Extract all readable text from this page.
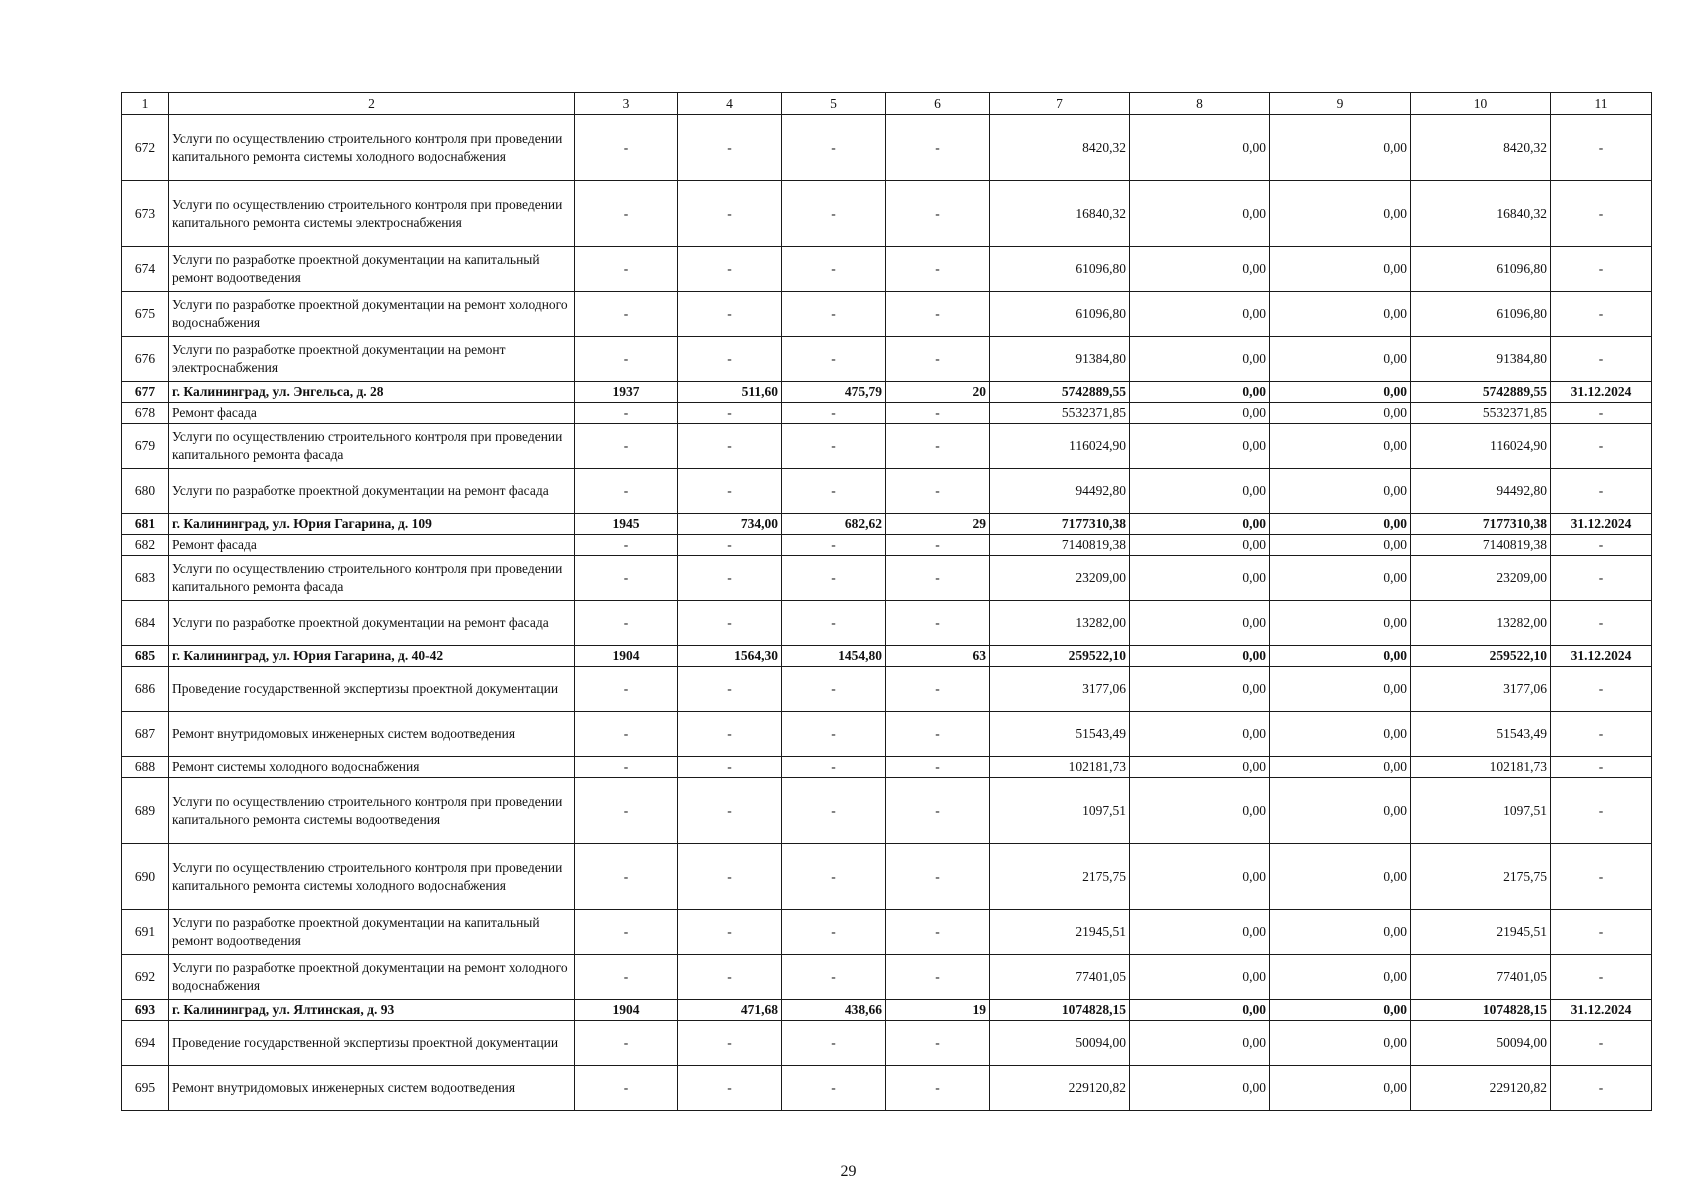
1	2	3	4	5	6	7	8	9	10	11
672	Услуги по осуществлению строительного контроля при проведении капитального ремонта системы холодного водоснабжения	-	-	-	-	8420,32	0,00	0,00	8420,32	-
673	Услуги по осуществлению строительного контроля при проведении капитального ремонта системы электроснабжения	-	-	-	-	16840,32	0,00	0,00	16840,32	-
674	Услуги по разработке проектной документации на капитальный ремонт водоотведения	-	-	-	-	61096,80	0,00	0,00	61096,80	-
675	Услуги по разработке проектной документации на ремонт холодного водоснабжения	-	-	-	-	61096,80	0,00	0,00	61096,80	-
676	Услуги по разработке проектной документации на ремонт электроснабжения	-	-	-	-	91384,80	0,00	0,00	91384,80	-
677	г. Калининград, ул. Энгельса, д. 28	1937	511,60	475,79	20	5742889,55	0,00	0,00	5742889,55	31.12.2024
678	Ремонт фасада	-	-	-	-	5532371,85	0,00	0,00	5532371,85	-
679	Услуги по осуществлению строительного контроля при проведении капитального ремонта фасада	-	-	-	-	116024,90	0,00	0,00	116024,90	-
680	Услуги по разработке проектной документации на ремонт фасада	-	-	-	-	94492,80	0,00	0,00	94492,80	-
681	г. Калининград, ул. Юрия Гагарина, д. 109	1945	734,00	682,62	29	7177310,38	0,00	0,00	7177310,38	31.12.2024
682	Ремонт фасада	-	-	-	-	7140819,38	0,00	0,00	7140819,38	-
683	Услуги по осуществлению строительного контроля при проведении капитального ремонта фасада	-	-	-	-	23209,00	0,00	0,00	23209,00	-
684	Услуги по разработке проектной документации на ремонт фасада	-	-	-	-	13282,00	0,00	0,00	13282,00	-
685	г. Калининград, ул. Юрия Гагарина, д. 40-42	1904	1564,30	1454,80	63	259522,10	0,00	0,00	259522,10	31.12.2024
686	Проведение государственной экспертизы проектной документации	-	-	-	-	3177,06	0,00	0,00	3177,06	-
687	Ремонт внутридомовых инженерных систем водоотведения	-	-	-	-	51543,49	0,00	0,00	51543,49	-
688	Ремонт системы холодного водоснабжения	-	-	-	-	102181,73	0,00	0,00	102181,73	-
689	Услуги по осуществлению строительного контроля при проведении капитального ремонта системы водоотведения	-	-	-	-	1097,51	0,00	0,00	1097,51	-
690	Услуги по осуществлению строительного контроля при проведении капитального ремонта системы холодного водоснабжения	-	-	-	-	2175,75	0,00	0,00	2175,75	-
691	Услуги по разработке проектной документации на капитальный ремонт водоотведения	-	-	-	-	21945,51	0,00	0,00	21945,51	-
692	Услуги по разработке проектной документации на ремонт холодного водоснабжения	-	-	-	-	77401,05	0,00	0,00	77401,05	-
693	г. Калининград, ул. Ялтинская, д. 93	1904	471,68	438,66	19	1074828,15	0,00	0,00	1074828,15	31.12.2024
694	Проведение государственной экспертизы проектной документации	-	-	-	-	50094,00	0,00	0,00	50094,00	-
695	Ремонт внутридомовых инженерных систем водоотведения	-	-	-	-	229120,82	0,00	0,00	229120,82	-
29
